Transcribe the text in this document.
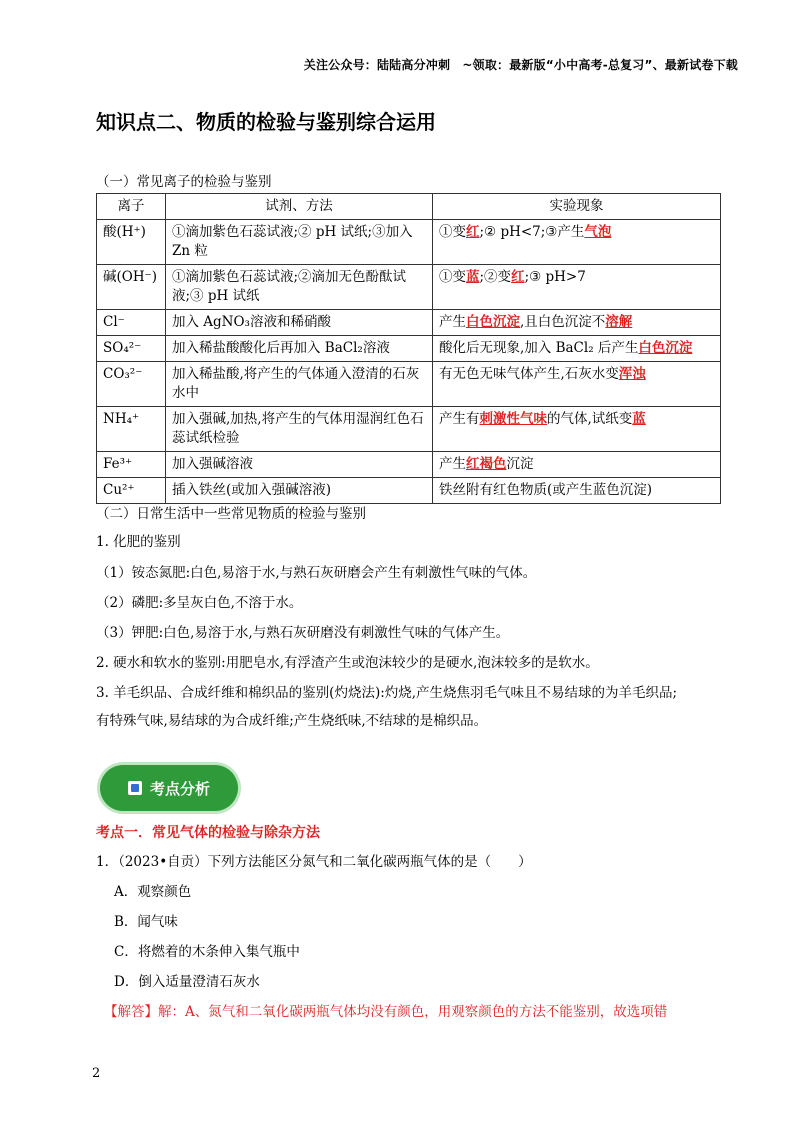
关注公众号：陆陆高分冲刺　~领取：最新版“小中高考-总复习”、最新试卷下载
知识点二、物质的检验与鉴别综合运用
（一）常见离子的检验与鉴别
离子	试剂、方法	实验现象
酸(H⁺)	①滴加紫色石蕊试液;② pH 试纸;③加入 Zn 粒	①变红;② pH<7;③产生气泡
碱(OH⁻)	①滴加紫色石蕊试液;②滴加无色酚酞试液;③ pH 试纸	①变蓝;②变红;③ pH>7
Cl⁻	加入 AgNO₃溶液和稀硝酸	产生白色沉淀,且白色沉淀不溶解
SO₄²⁻	加入稀盐酸酸化后再加入 BaCl₂溶液	酸化后无现象,加入 BaCl₂ 后产生白色沉淀
CO₃²⁻	加入稀盐酸,将产生的气体通入澄清的石灰水中	有无色无味气体产生,石灰水变浑浊
NH₄⁺	加入强碱,加热,将产生的气体用湿润红色石蕊试纸检验	产生有刺激性气味的气体,试纸变蓝
Fe³⁺	加入强碱溶液	产生红褐色沉淀
Cu²⁺	插入铁丝(或加入强碱溶液)	铁丝附有红色物质(或产生蓝色沉淀)
（二）日常生活中一些常见物质的检验与鉴别
1. 化肥的鉴别
（1）铵态氮肥:白色,易溶于水,与熟石灰研磨会产生有刺激性气味的气体。
（2）磷肥:多呈灰白色,不溶于水。
（3）钾肥:白色,易溶于水,与熟石灰研磨没有刺激性气味的气体产生。
2. 硬水和软水的鉴别:用肥皂水,有浮渣产生或泡沫较少的是硬水,泡沫较多的是软水。
3. 羊毛织品、合成纤维和棉织品的鉴别(灼烧法):灼烧,产生烧焦羽毛气味且不易结球的为羊毛织品;
有特殊气味,易结球的为合成纤维;产生烧纸味,不结球的是棉织品。
考点分析
考点一．常见气体的检验与除杂方法
1．（2023•自贡）下列方法能区分氮气和二氧化碳两瓶气体的是（　　）
A．观察颜色
B．闻气味
C．将燃着的木条伸入集气瓶中
D．倒入适量澄清石灰水
【解答】解：A、氮气和二氧化碳两瓶气体均没有颜色，用观察颜色的方法不能鉴别，故选项错
2
